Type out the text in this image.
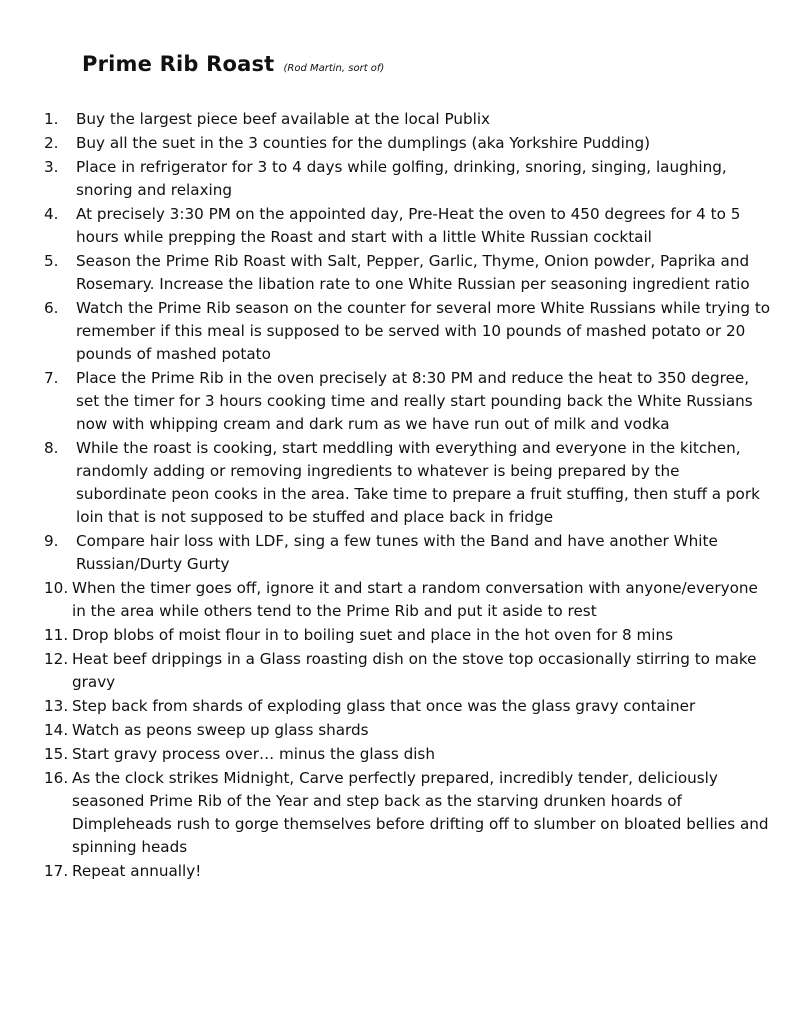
Prime Rib Roast (Rod Martin, sort of)
1.	Buy the largest piece beef available at the local Publix
2.	Buy all the suet in the 3 counties for the dumplings (aka Yorkshire Pudding)
3.	Place in refrigerator for 3 to 4 days while golfing, drinking, snoring, singing, laughing, snoring and relaxing
4.	At precisely 3:30 PM on the appointed day, Pre-Heat the oven to 450 degrees for 4 to 5 hours while prepping the Roast and start with a little White Russian cocktail
5.	Season the Prime Rib Roast with Salt, Pepper, Garlic, Thyme, Onion powder, Paprika and Rosemary. Increase the libation rate to one White Russian per seasoning ingredient ratio
6.	Watch the Prime Rib season on the counter for several more White Russians while trying to remember if this meal is supposed to be served with 10 pounds of mashed potato or 20 pounds of mashed potato
7.	Place the Prime Rib in the oven precisely at 8:30 PM and reduce the heat to 350 degree, set the timer for 3 hours cooking time and really start pounding back the White Russians now with whipping cream and dark rum as we have run out of milk and vodka
8.	While the roast is cooking, start meddling with everything and everyone in the kitchen, randomly adding or removing ingredients to whatever is being prepared by the subordinate peon cooks in the area. Take time to prepare a fruit stuffing, then stuff a pork loin that is not supposed to be stuffed and place back in fridge
9.	Compare hair loss with LDF, sing a few tunes with the Band and have another White Russian/Durty Gurty
10. When the timer goes off, ignore it and start a random conversation with anyone/everyone in the area while others tend to the Prime Rib and put it aside to rest
11. Drop blobs of moist flour in to boiling suet and place in the hot oven for 8 mins
12. Heat beef drippings in a Glass roasting dish on the stove top occasionally stirring to make gravy
13. Step back from shards of exploding glass that once was the glass gravy container
14. Watch as peons sweep up glass shards
15. Start gravy process over… minus the glass dish
16. As the clock strikes Midnight, Carve perfectly prepared, incredibly tender, deliciously seasoned Prime Rib of the Year and step back as the starving drunken hoards of Dimpleheads rush to gorge themselves before drifting off to slumber on bloated bellies and spinning heads
17. Repeat annually!
